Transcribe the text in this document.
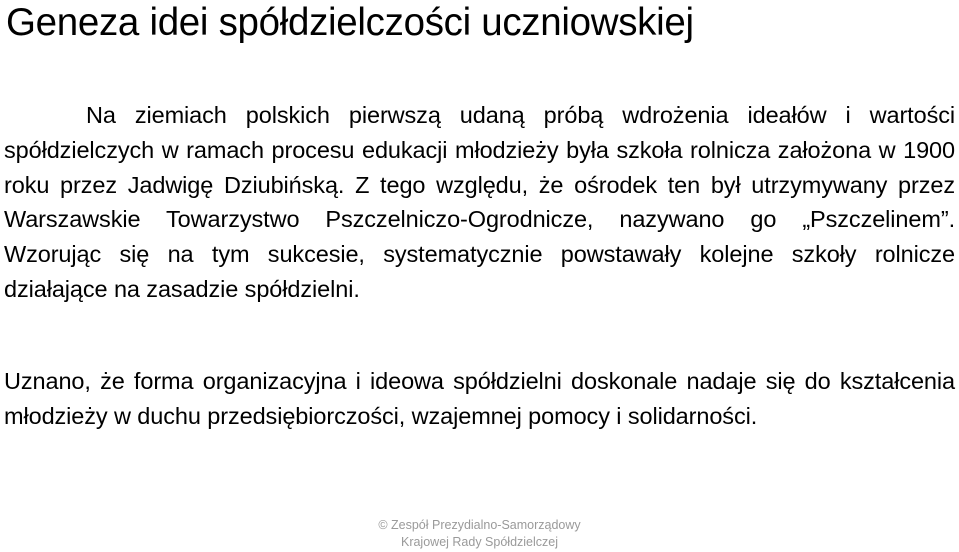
Geneza idei spółdzielczości uczniowskiej

Na ziemiach polskich pierwszą udaną próbą wdrożenia ideałów i wartości spółdzielczych w ramach procesu edukacji młodzieży była szkoła rolnicza założona w 1900 roku przez Jadwigę Dziubińską. Z tego względu, że ośrodek ten był utrzymywany przez Warszawskie Towarzystwo Pszczelniczo-Ogrodnicze, nazywano go „Pszczelinem”. Wzorując się na tym sukcesie, systematycznie powstawały kolejne szkoły rolnicze działające na zasadzie spółdzielni.

Uznano, że forma organizacyjna i ideowa spółdzielni doskonale nadaje się do kształcenia młodzieży w duchu przedsiębiorczości, wzajemnej pomocy i solidarności.

© Zespół Prezydialno-Samorządowy
Krajowej Rady Spółdzielczej
